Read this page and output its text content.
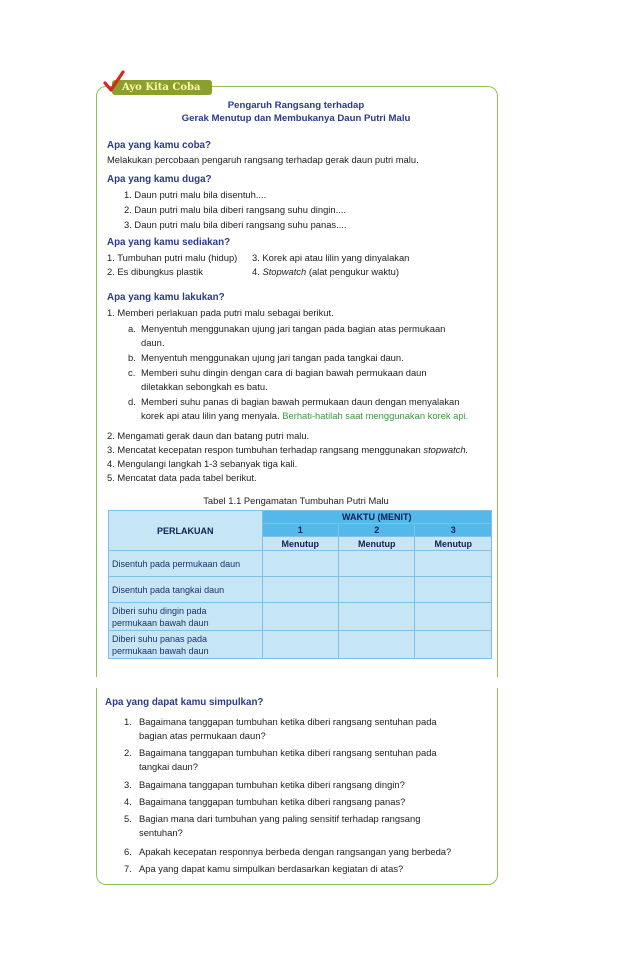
Ayo Kita Coba
Pengaruh Rangsang terhadap
Gerak Menutup dan Membukanya Daun Putri Malu
Apa yang kamu coba?
Melakukan percobaan pengaruh rangsang terhadap gerak daun putri malu.
Apa yang kamu duga?
1. Daun putri malu bila disentuh....
2. Daun putri malu bila diberi rangsang suhu dingin....
3. Daun putri malu bila diberi rangsang suhu panas....
Apa yang kamu sediakan?
1. Tumbuhan putri malu (hidup)
2. Es dibungkus plastik
3. Korek api atau lilin yang dinyalakan
4. Stopwatch (alat pengukur waktu)
Apa yang kamu lakukan?
1. Memberi perlakuan pada putri malu sebagai berikut.
a. Menyentuh menggunakan ujung jari tangan pada bagian atas permukaan
daun.
b. Menyentuh menggunakan ujung jari tangan pada tangkai daun.
c. Memberi suhu dingin dengan cara di bagian bawah permukaan daun
diletakkan sebongkah es batu.
d. Memberi suhu panas di bagian bawah permukaan daun dengan menyalakan
korek api atau lilin yang menyala. Berhati-hatilah saat menggunakan korek api.
2. Mengamati gerak daun dan batang putri malu.
3. Mencatat kecepatan respon tumbuhan terhadap rangsang menggunakan stopwatch.
4. Mengulangi langkah 1-3 sebanyak tiga kali.
5. Mencatat data pada tabel berikut.
Tabel 1.1 Pengamatan Tumbuhan Putri Malu
PERLAKUAN	WAKTU (MENIT)		
	1	2	3
	Menutup	Menutup	Menutup
Disentuh pada permukaan daun			
Disentuh pada tangkai daun			
Diberi suhu dingin pada
permukaan bawah daun			
Diberi suhu panas pada
permukaan bawah daun			
Apa yang dapat kamu simpulkan?
1. Bagaimana tanggapan tumbuhan ketika diberi rangsang sentuhan pada
bagian atas permukaan daun?
2. Bagaimana tanggapan tumbuhan ketika diberi rangsang sentuhan pada
tangkai daun?
3. Bagaimana tanggapan tumbuhan ketika diberi rangsang dingin?
4. Bagaimana tanggapan tumbuhan ketika diberi rangsang panas?
5. Bagian mana dari tumbuhan yang paling sensitif terhadap rangsang
sentuhan?
6. Apakah kecepatan responnya berbeda dengan rangsangan yang berbeda?
7. Apa yang dapat kamu simpulkan berdasarkan kegiatan di atas?
